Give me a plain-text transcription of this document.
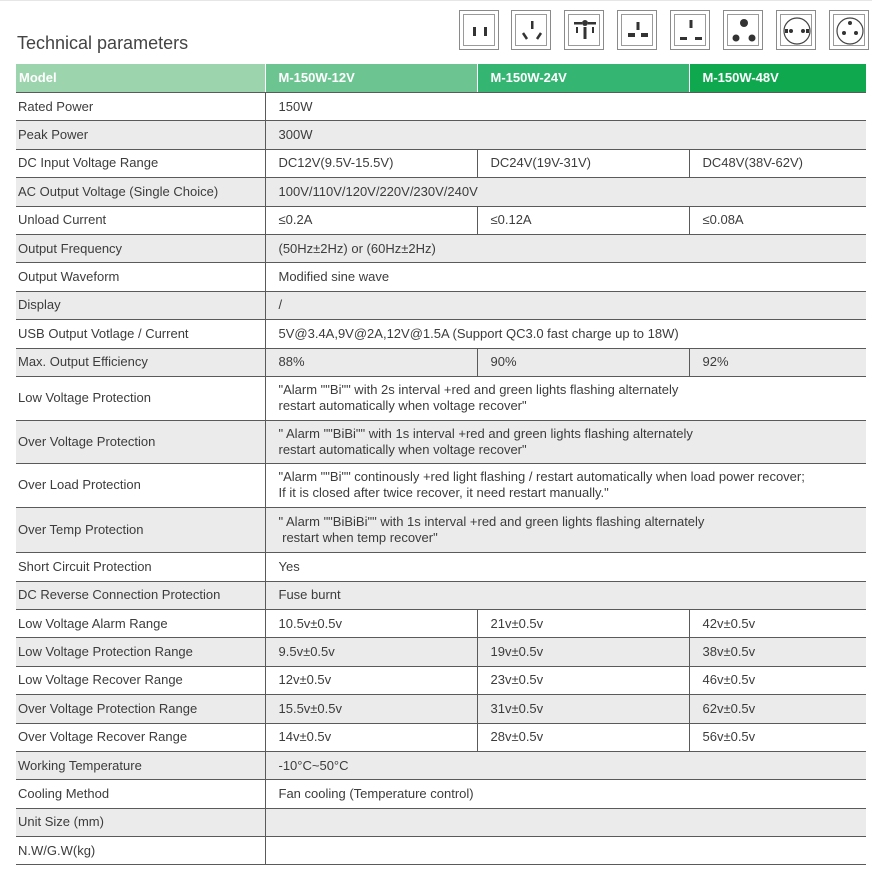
Technical parameters
Model	M-150W-12V	M-150W-24V	M-150W-48V
Rated Power	150W		
Peak Power	300W		
DC Input Voltage Range	DC12V(9.5V-15.5V)	DC24V(19V-31V)	DC48V(38V-62V)
AC Output Voltage (Single Choice)	100V/110V/120V/220V/230V/240V		
Unload Current	≤0.2A	≤0.12A	≤0.08A
Output Frequency	(50Hz±2Hz) or (60Hz±2Hz)		
Output Waveform	Modified sine wave		
Display	/		
USB Output Votlage / Current	5V@3.4A,9V@2A,12V@1.5A (Support QC3.0 fast charge up to 18W)		
Max. Output Efficiency	88%	90%	92%
Low Voltage Protection	"Alarm ""Bi"" with 2s interval +red and green lights flashing alternately
restart automatically when voltage recover"		

Over Voltage Protection	" Alarm ""BiBi"" with 1s interval +red and green lights flashing alternately
restart automatically when voltage recover"		

Over Load Protection	"Alarm ""Bi"" continously +red light flashing / restart automatically when load power recover;
If it is closed after twice recover, it need restart manually."		

Over Temp Protection	" Alarm ""BiBiBi"" with 1s interval +red and green lights flashing alternately
restart when temp recover"		

Short Circuit Protection	Yes		
DC Reverse Connection Protection	Fuse burnt		
Low Voltage Alarm Range	10.5v±0.5v	21v±0.5v	42v±0.5v
Low Voltage Protection Range	9.5v±0.5v	19v±0.5v	38v±0.5v
Low Voltage Recover Range	12v±0.5v	23v±0.5v	46v±0.5v
Over Voltage Protection Range	15.5v±0.5v	31v±0.5v	62v±0.5v
Over Voltage Recover Range	14v±0.5v	28v±0.5v	56v±0.5v
Working Temperature	-10°C~50°C		
Cooling Method	Fan cooling (Temperature control)		
Unit Size (mm)			
N.W/G.W(kg)			
